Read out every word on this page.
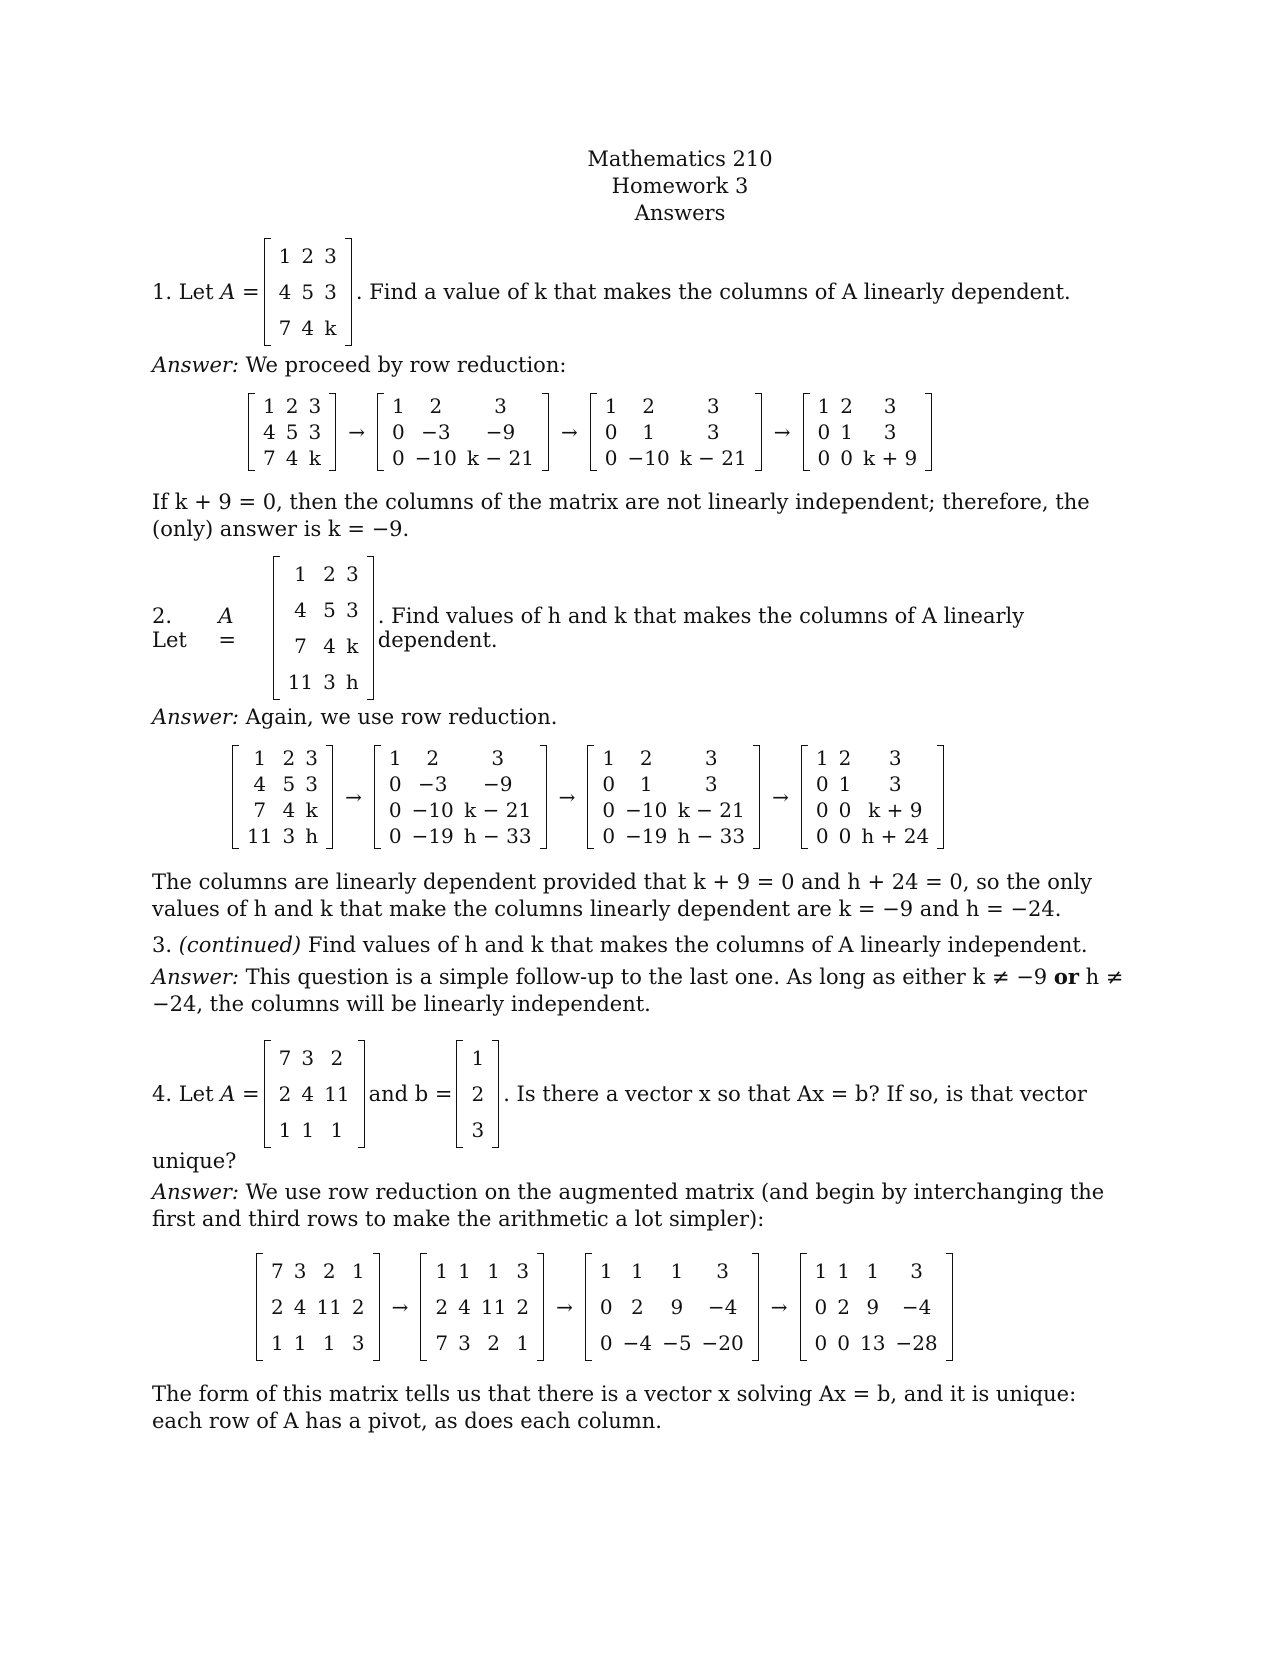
Mathematics 210
Homework 3
Answers
1. Let
A =
1	2	3
4	5	3
7	4	k
. Find a value of k that makes the columns of A linearly dependent.
Answer: We proceed by row reduction:
1	2	3
4	5	3
7	4	k
→
1	2	3
0	−3	−9
0	−10	k − 21
→
1	2	3
0	1	3
0	−10	k − 21
→
1	2	3
0	1	3
0	0	k + 9
If k + 9 = 0, then the columns of the matrix are not linearly independent; therefore, the (only) answer is k = −9.
2. Let

A =
1	2	3
4	5	3
7	4	k
11	3	h
. Find values of h and k that makes the columns of A linearly dependent.
Answer: Again, we use row reduction.
1	2	3
4	5	3
7	4	k
11	3	h
→
1	2	3
0	−3	−9
0	−10	k − 21
0	−19	h − 33
→
1	2	3
0	1	3
0	−10	k − 21
0	−19	h − 33
→
1	2	3
0	1	3
0	0	k + 9
0	0	h + 24
The columns are linearly dependent provided that k + 9 = 0 and h + 24 = 0, so the only values of h and k that make the columns linearly dependent are k = −9 and h = −24.
3. (continued) Find values of h and k that makes the columns of A linearly independent.
Answer: This question is a simple follow-up to the last one. As long as either k ≠ −9 or h ≠ −24, the columns will be linearly independent.
4. Let
A =
7	3	2
2	4	11
1	1	1
and b =
1
2
3
. Is there a vector x so that Ax = b? If so, is that vector
unique?
Answer: We use row reduction on the augmented matrix (and begin by interchanging the first and third rows to make the arithmetic a lot simpler):
7	3	2	1
2	4	11	2
1	1	1	3
→
1	1	1	3
2	4	11	2
7	3	2	1
→
1	1	1	3
0	2	9	−4
0	−4	−5	−20
→
1	1	1	3
0	2	9	−4
0	0	13	−28
The form of this matrix tells us that there is a vector x solving Ax = b, and it is unique: each row of A has a pivot, as does each column.
